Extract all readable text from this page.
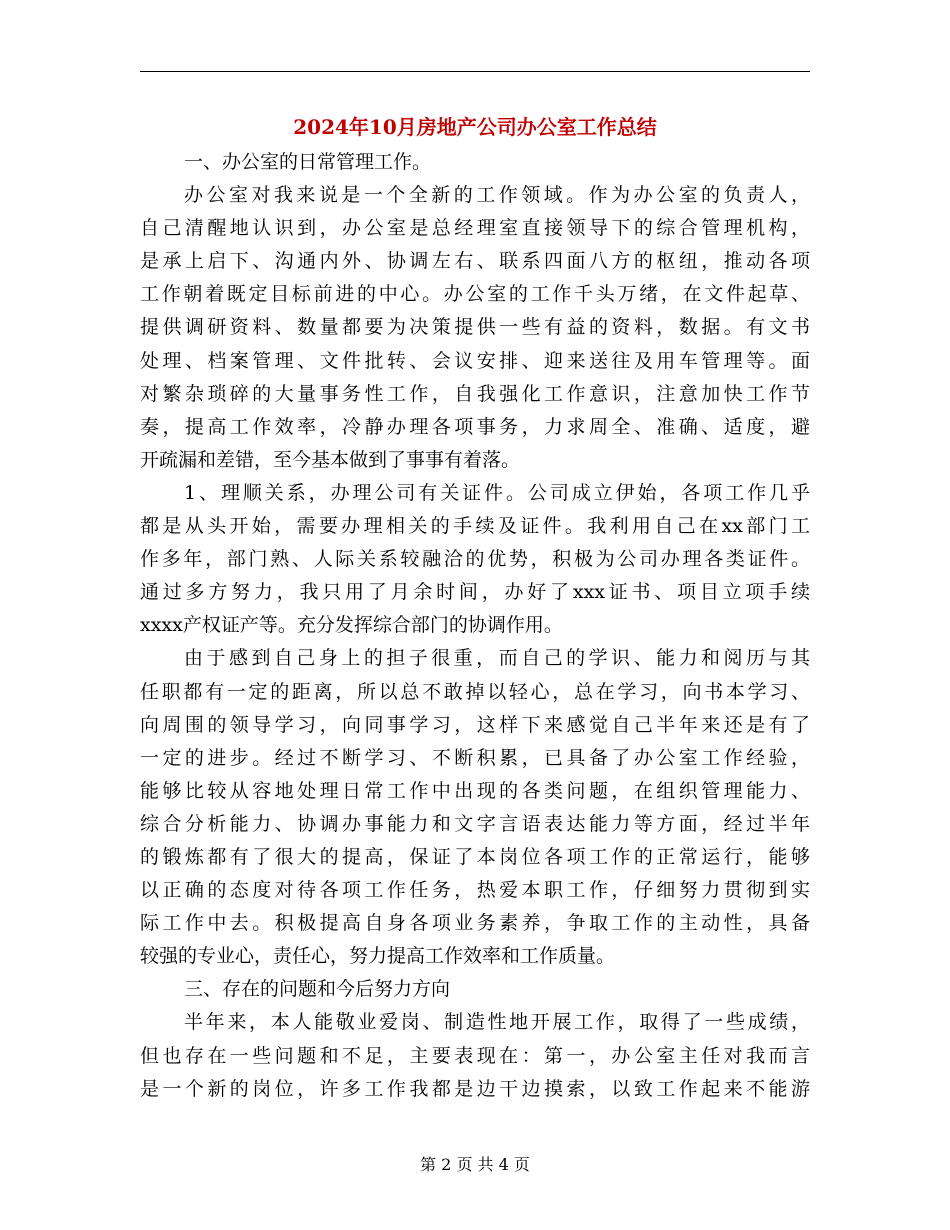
2024年10月房地产公司办公室工作总结
一、办公室的日常管理工作。
办公室对我来说是一个全新的工作领域。作为办公室的负责人，
自己清醒地认识到，办公室是总经理室直接领导下的综合管理机构，
是承上启下、沟通内外、协调左右、联系四面八方的枢纽，推动各项
工作朝着既定目标前进的中心。办公室的工作千头万绪，在文件起草、
提供调研资料、数量都要为决策提供一些有益的资料，数据。有文书
处理、档案管理、文件批转、会议安排、迎来送往及用车管理等。面
对繁杂琐碎的大量事务性工作，自我强化工作意识，注意加快工作节
奏，提高工作效率，冷静办理各项事务，力求周全、准确、适度，避
开疏漏和差错，至今基本做到了事事有着落。
1、理顺关系，办理公司有关证件。公司成立伊始，各项工作几乎
都是从头开始，需要办理相关的手续及证件。我利用自己在xx部门工
作多年，部门熟、人际关系较融洽的优势，积极为公司办理各类证件。
通过多方努力，我只用了月余时间，办好了xxx证书、项目立项手续
xxxx产权证产等。充分发挥综合部门的协调作用。
由于感到自己身上的担子很重，而自己的学识、能力和阅历与其
任职都有一定的距离，所以总不敢掉以轻心，总在学习，向书本学习、
向周围的领导学习，向同事学习，这样下来感觉自己半年来还是有了
一定的进步。经过不断学习、不断积累，已具备了办公室工作经验，
能够比较从容地处理日常工作中出现的各类问题，在组织管理能力、
综合分析能力、协调办事能力和文字言语表达能力等方面，经过半年
的锻炼都有了很大的提高，保证了本岗位各项工作的正常运行，能够
以正确的态度对待各项工作任务，热爱本职工作，仔细努力贯彻到实
际工作中去。积极提高自身各项业务素养，争取工作的主动性，具备
较强的专业心，责任心，努力提高工作效率和工作质量。
三、存在的问题和今后努力方向
半年来，本人能敬业爱岗、制造性地开展工作，取得了一些成绩，
但也存在一些问题和不足，主要表现在：第一，办公室主任对我而言
是一个新的岗位，许多工作我都是边干边摸索，以致工作起来不能游
第 2 页 共 4 页
